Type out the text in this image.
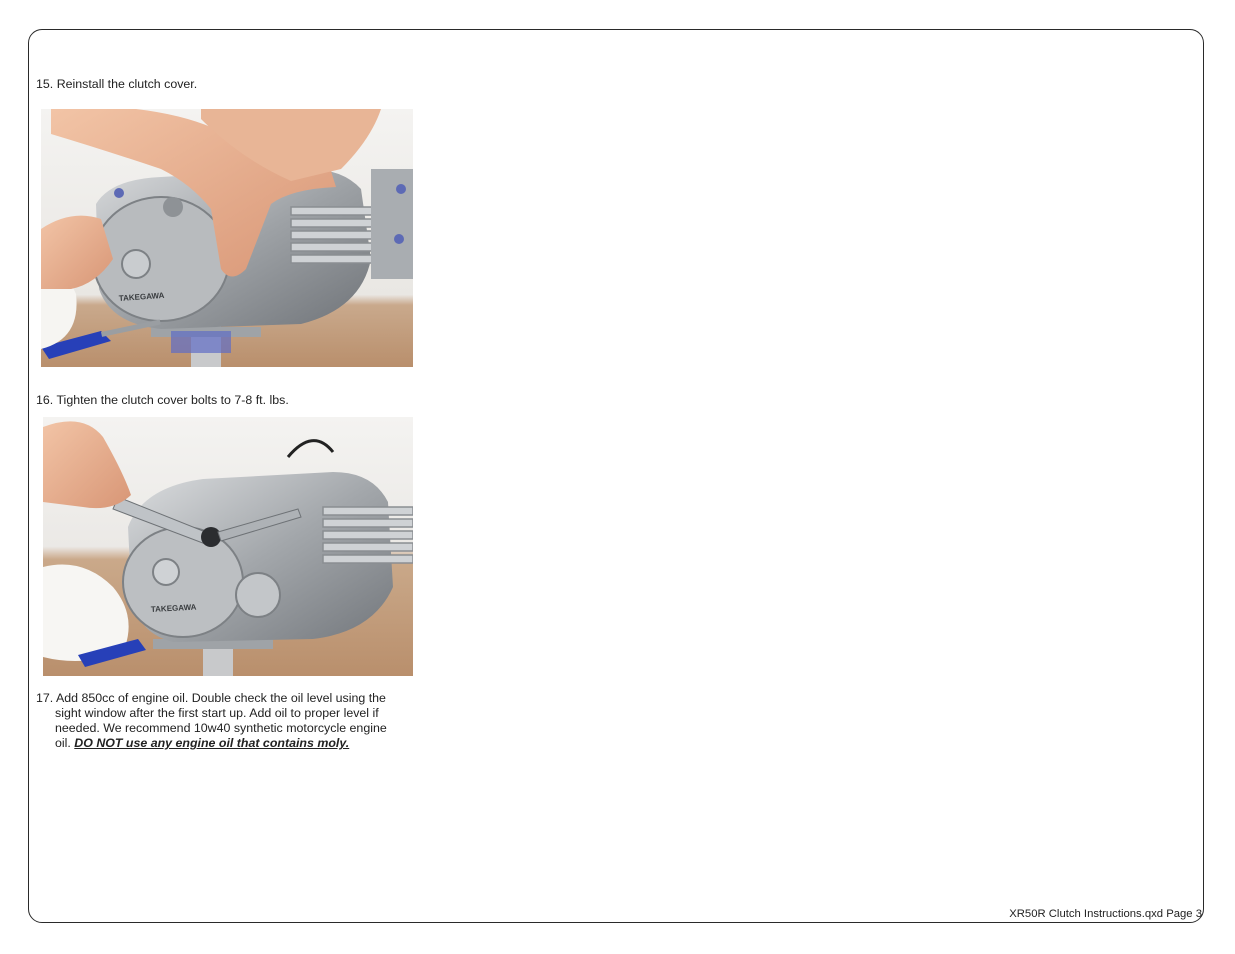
15. Reinstall the clutch cover.
TAKEGAWA
16. Tighten the clutch cover bolts to 7-8 ft. lbs.
TAKEGAWA
17. Add 850cc of engine oil. Double check the oil level using the
sight window after the first start up. Add oil to proper level if
needed. We recommend 10w40 synthetic motorcycle engine
oil. DO NOT use any engine oil that contains moly.
XR50R Clutch Instructions.qxd Page 3
